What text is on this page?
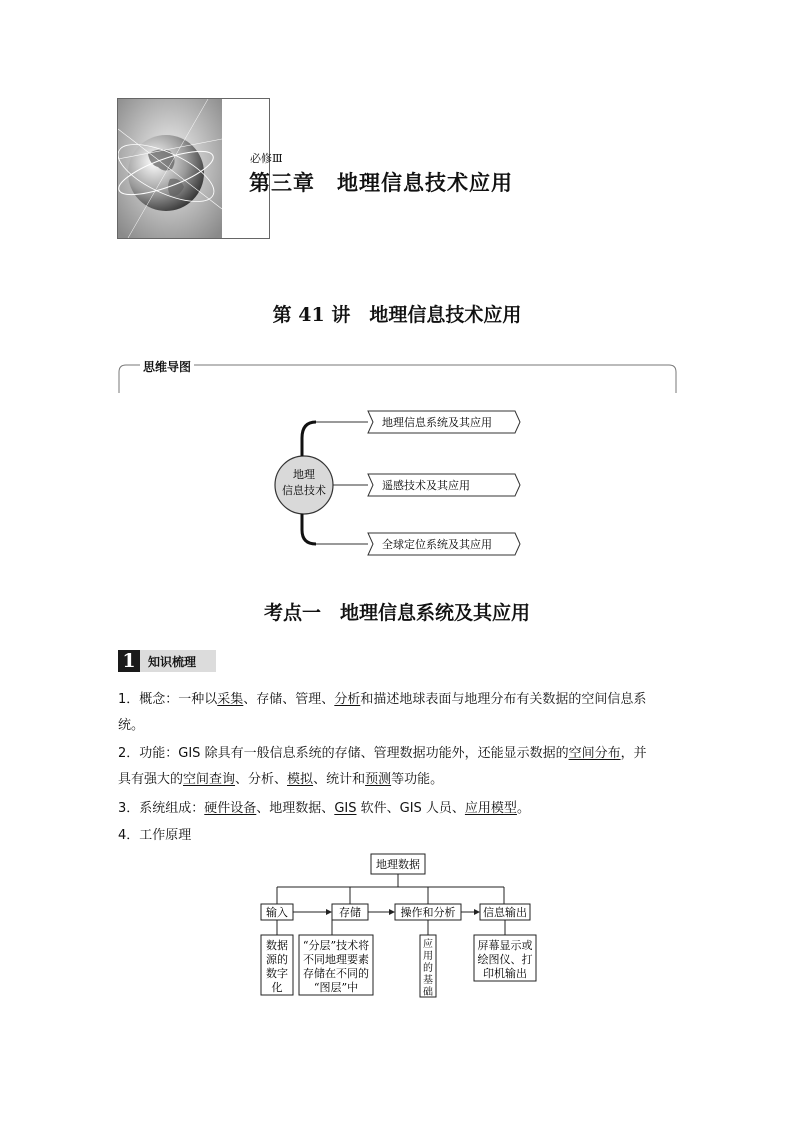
必修Ⅲ
第三章　地理信息技术应用
第 41 讲　地理信息技术应用
思维导图
地理
信息技术
地理信息系统及其应用
遥感技术及其应用
全球定位系统及其应用
考点一　地理信息系统及其应用
1	知识梳理
1．概念：一种以采集、存储、管理、分析和描述地球表面与地理分布有关数据的空间信息系
统。
2．功能：GIS 除具有一般信息系统的存储、管理数据功能外，还能显示数据的空间分布，并
具有强大的空间查询、分析、模拟、统计和预测等功能。
3．系统组成：硬件设备、地理数据、GIS 软件、GIS 人员、应用模型。
4．工作原理
地理数据
输入	存储	操作和分析	信息输出
数据
源的
数字
化
“分层”技术将
不同地理要素
存储在不同的
“图层”中
应
用
的
基
础
屏幕显示或
绘图仪、打
印机输出
